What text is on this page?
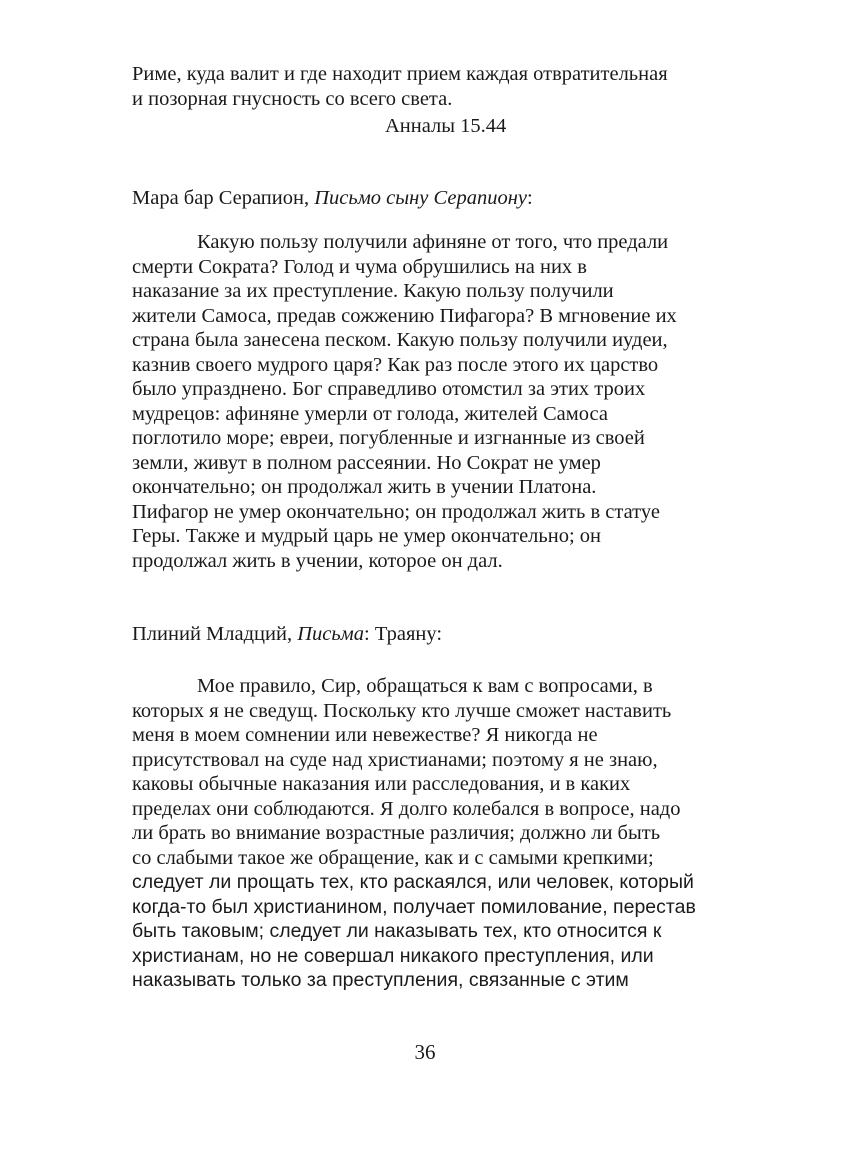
Риме, куда валит и где находит прием каждая отвратительная
и позорная гнусность со всего света.
Анналы 15.44
Мара бар Серапион, Письмо сыну Серапиону:
Какую пользу получили афиняне от того, что предали
смерти Сократа? Голод и чума обрушились на них в
наказание за их преступление. Какую пользу получили
жители Самоса, предав сожжению Пифагора? В мгновение их
страна была занесена песком. Какую пользу получили иудеи,
казнив своего мудрого царя? Как раз после этого их царство
было упразднено. Бог справедливо отомстил за этих троих
мудрецов: афиняне умерли от голода, жителей Самоса
поглотило море; евреи, погубленные и изгнанные из своей
земли, живут в полном рассеянии. Но Сократ не умер
окончательно; он продолжал жить в учении Платона.
Пифагор не умер окончательно; он продолжал жить в статуе
Геры. Также и мудрый царь не умер окончательно; он
продолжал жить в учении, которое он дал.
Плиний Младций, Письма: Траяну:
Мое правило, Сир, обращаться к вам с вопросами, в
которых я не сведущ. Поскольку кто лучше сможет наставить
меня в моем сомнении или невежестве? Я никогда не
присутствовал на суде над христианами; поэтому я не знаю,
каковы обычные наказания или расследования, и в каких
пределах они соблюдаются. Я долго колебался в вопросе, надо
ли брать во внимание возрастные различия; должно ли быть
со слабыми такое же обращение, как и с самыми крепкими;
следует ли прощать тех, кто раскаялся, или человек, который
когда-то был христианином, получает помилование, перестав
быть таковым; следует ли наказывать тех, кто относится к
христианам, но не совершал никакого преступления, или
наказывать только за преступления, связанные с этим
36
